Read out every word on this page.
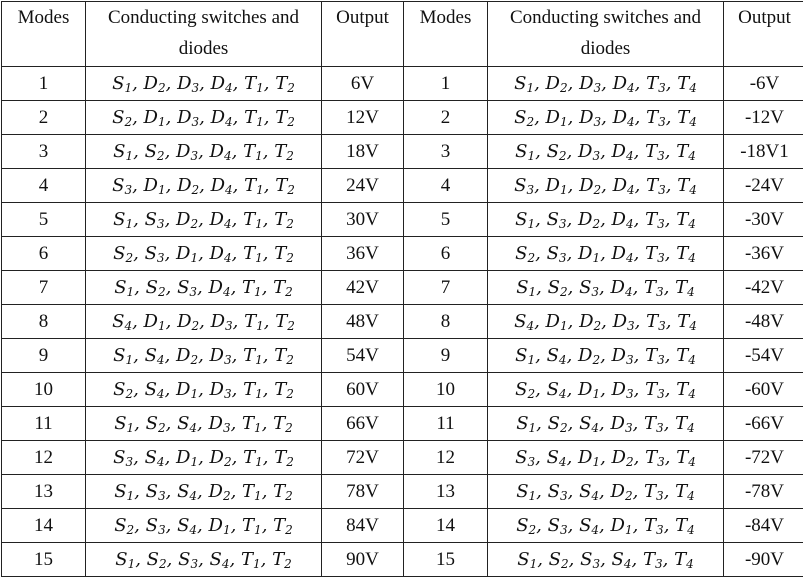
Modes	Conducting switches and diodes	Output	Modes	Conducting switches and diodes	Output
1	$S_1$, $D_2$, $D_3$, $D_4$, $T_1$, $T_2$	6V	1	$S_1$, $D_2$, $D_3$, $D_4$, $T_3$, $T_4$	-6V
2	$S_2$, $D_1$, $D_3$, $D_4$, $T_1$, $T_2$	12V	2	$S_2$, $D_1$, $D_3$, $D_4$, $T_3$, $T_4$	-12V
3	$S_1$, $S_2$, $D_3$, $D_4$, $T_1$, $T_2$	18V	3	$S_1$, $S_2$, $D_3$, $D_4$, $T_3$, $T_4$	-18V1
4	$S_3$, $D_1$, $D_2$, $D_4$, $T_1$, $T_2$	24V	4	$S_3$, $D_1$, $D_2$, $D_4$, $T_3$, $T_4$	-24V
5	$S_1$, $S_3$, $D_2$, $D_4$, $T_1$, $T_2$	30V	5	$S_1$, $S_3$, $D_2$, $D_4$, $T_3$, $T_4$	-30V
6	$S_2$, $S_3$, $D_1$, $D_4$, $T_1$, $T_2$	36V	6	$S_2$, $S_3$, $D_1$, $D_4$, $T_3$, $T_4$	-36V
7	$S_1$, $S_2$, $S_3$, $D_4$, $T_1$, $T_2$	42V	7	$S_1$, $S_2$, $S_3$, $D_4$, $T_3$, $T_4$	-42V
8	$S_4$, $D_1$, $D_2$, $D_3$, $T_1$, $T_2$	48V	8	$S_4$, $D_1$, $D_2$, $D_3$, $T_3$, $T_4$	-48V
9	$S_1$, $S_4$, $D_2$, $D_3$, $T_1$, $T_2$	54V	9	$S_1$, $S_4$, $D_2$, $D_3$, $T_3$, $T_4$	-54V
10	$S_2$, $S_4$, $D_1$, $D_3$, $T_1$, $T_2$	60V	10	$S_2$, $S_4$, $D_1$, $D_3$, $T_3$, $T_4$	-60V
11	$S_1$, $S_2$, $S_4$, $D_3$, $T_1$, $T_2$	66V	11	$S_1$, $S_2$, $S_4$, $D_3$, $T_3$, $T_4$	-66V
12	$S_3$, $S_4$, $D_1$, $D_2$, $T_1$, $T_2$	72V	12	$S_3$, $S_4$, $D_1$, $D_2$, $T_3$, $T_4$	-72V
13	$S_1$, $S_3$, $S_4$, $D_2$, $T_1$, $T_2$	78V	13	$S_1$, $S_3$, $S_4$, $D_2$, $T_3$, $T_4$	-78V
14	$S_2$, $S_3$, $S_4$, $D_1$, $T_1$, $T_2$	84V	14	$S_2$, $S_3$, $S_4$, $D_1$, $T_3$, $T_4$	-84V
15	$S_1$, $S_2$, $S_3$, $S_4$, $T_1$, $T_2$	90V	15	$S_1$, $S_2$, $S_3$, $S_4$, $T_3$, $T_4$	-90V
